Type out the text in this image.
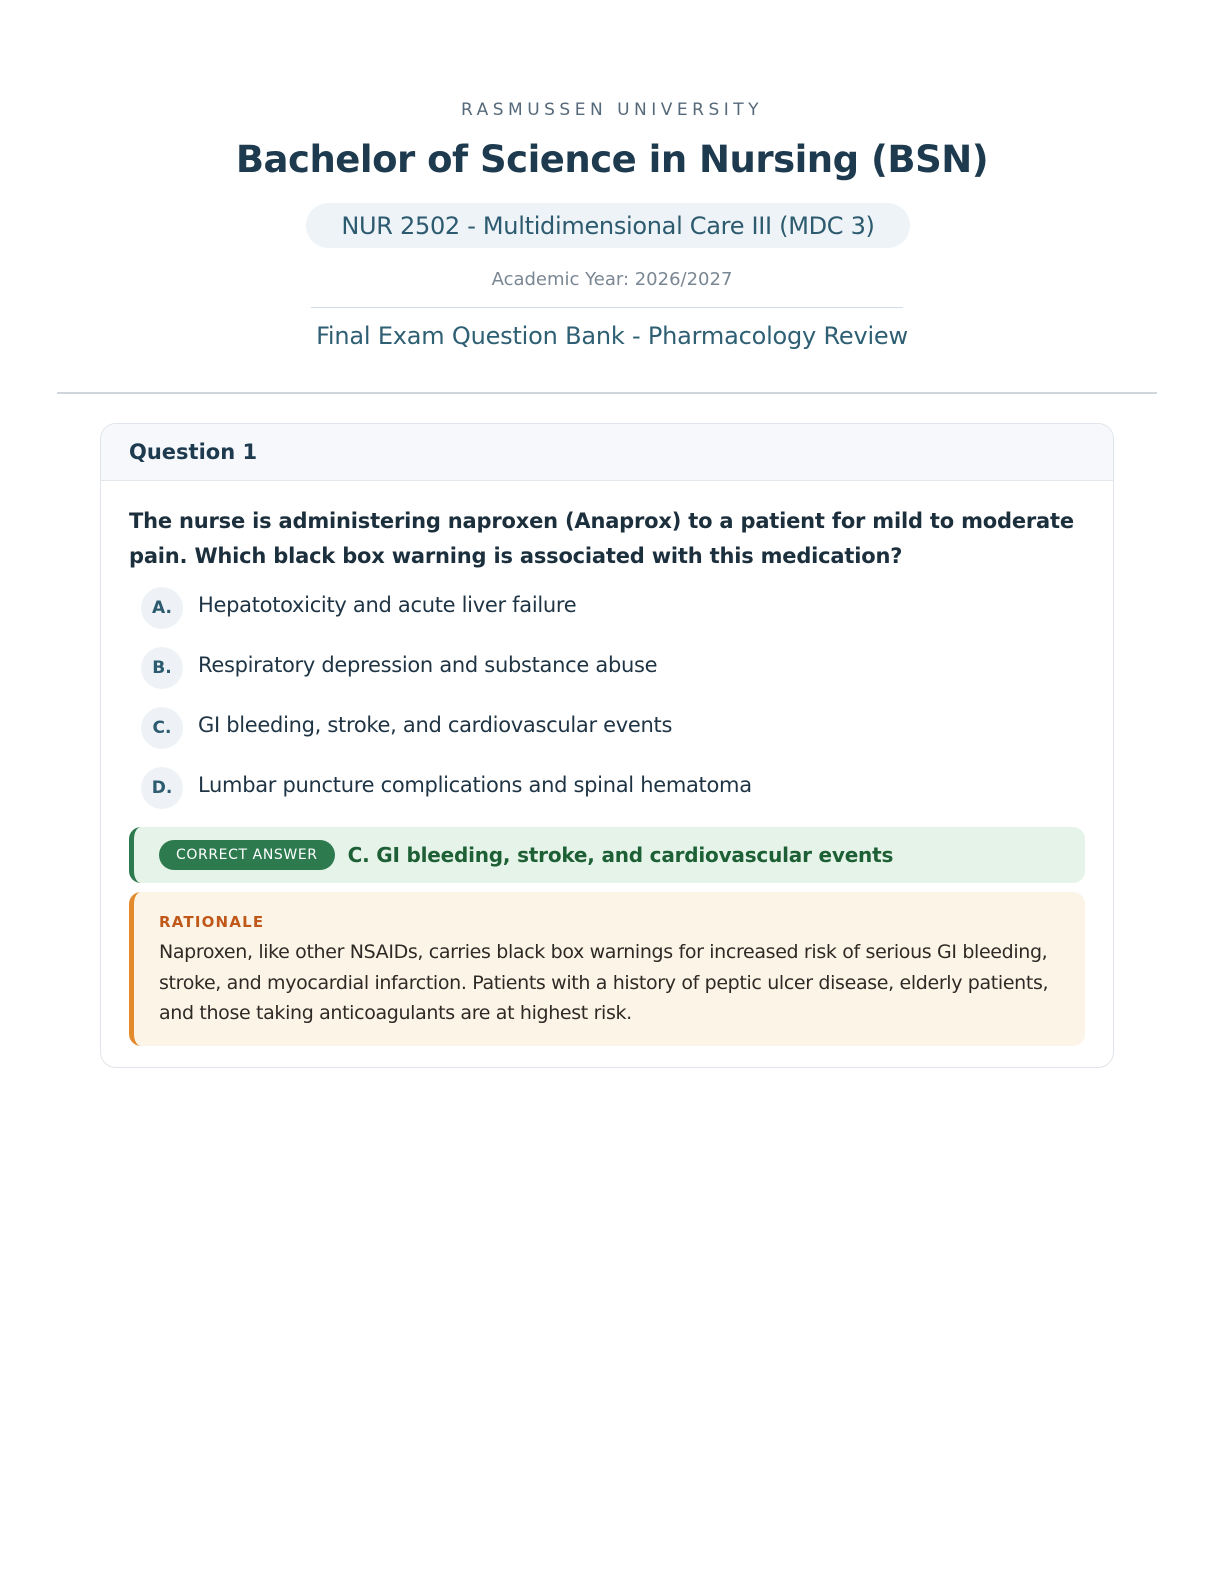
RASMUSSEN UNIVERSITY
Bachelor of Science in Nursing (BSN)
NUR 2502 - Multidimensional Care III (MDC 3)
Academic Year: 2026/2027
Final Exam Question Bank - Pharmacology Review
Question 1
The nurse is administering naproxen (Anaprox) to a patient for mild to moderate pain. Which black box warning is associated with this medication?
A.	Hepatotoxicity and acute liver failure
B.	Respiratory depression and substance abuse
C.	GI bleeding, stroke, and cardiovascular events
D.	Lumbar puncture complications and spinal hematoma
CORRECT ANSWER	C. GI bleeding, stroke, and cardiovascular events
RATIONALE
Naproxen, like other NSAIDs, carries black box warnings for increased risk of serious GI bleeding, stroke, and myocardial infarction. Patients with a history of peptic ulcer disease, elderly patients, and those taking anticoagulants are at highest risk.
